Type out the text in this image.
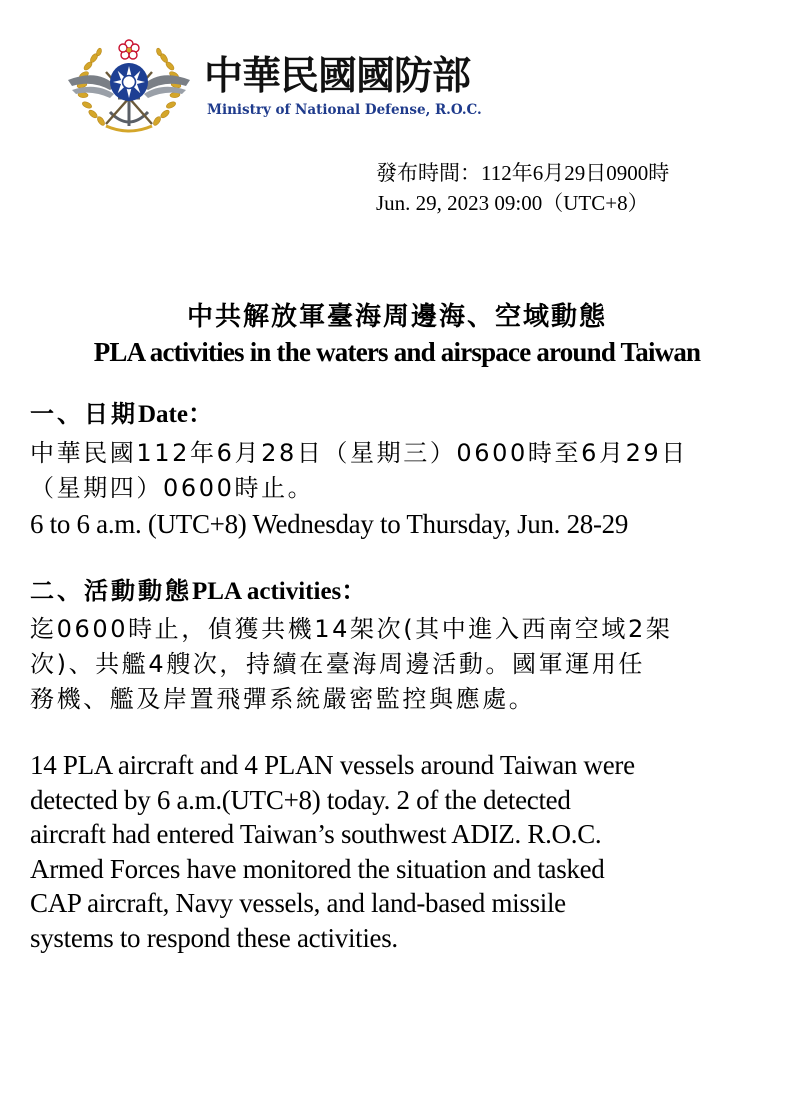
中華民國國防部
Ministry of National Defense, R.O.C.
發布時間：112年6月29日0900時
Jun. 29, 2023 09:00（UTC+8）
中共解放軍臺海周邊海、空域動態
PLA activities in the waters and airspace around Taiwan
一、日期Date：
中華民國112年6月28日（星期三）0600時至6月29日
（星期四）0600時止。
6 to 6 a.m. (UTC+8) Wednesday to Thursday, Jun. 28-29
二、活動動態PLA activities：
迄0600時止，偵獲共機14架次(其中進入西南空域2架
次)、共艦4艘次，持續在臺海周邊活動。國軍運用任
務機、艦及岸置飛彈系統嚴密監控與應處。
14 PLA aircraft and 4 PLAN vessels around Taiwan were
detected by 6 a.m.(UTC+8) today. 2 of the detected
aircraft had entered Taiwan’s southwest ADIZ. R.O.C.
Armed Forces have monitored the situation and tasked
CAP aircraft, Navy vessels, and land-based missile
systems to respond these activities.
